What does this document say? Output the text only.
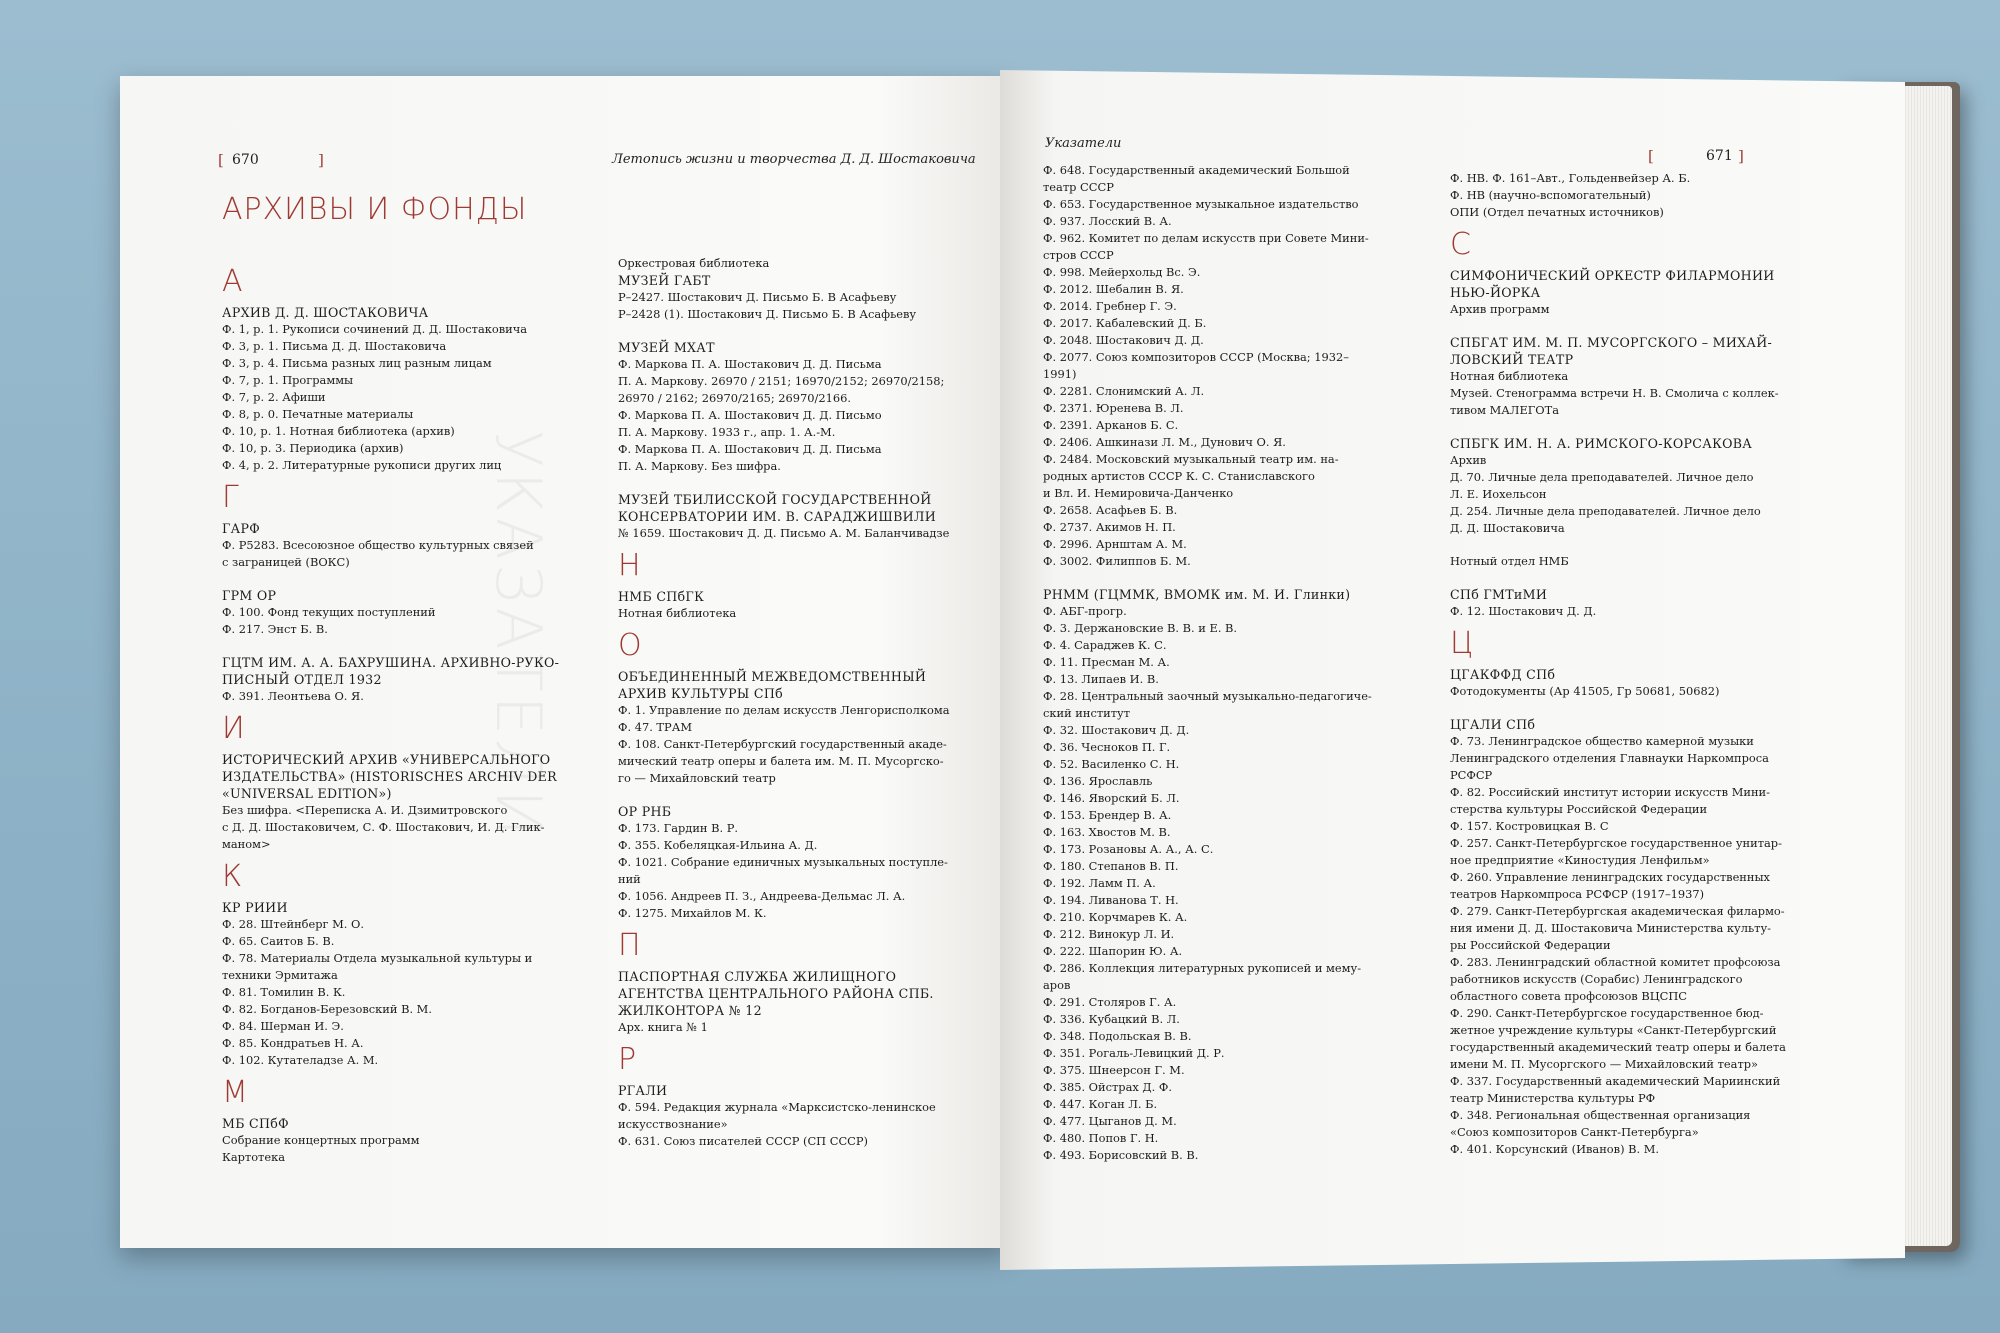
[ 670	]	Летопись жизни и творчества Д. Д. Шостаковича
АРХИВЫ И ФОНДЫ
УКАЗАТЕЛИ
А
АРХИВ Д. Д. ШОСТАКОВИЧА
Ф. 1, р. 1. Рукописи сочинений Д. Д. Шостаковича
Ф. 3, р. 1. Письма Д. Д. Шостаковича
Ф. 3, р. 4. Письма разных лиц разным лицам
Ф. 7, р. 1. Программы
Ф. 7, р. 2. Афиши
Ф. 8, р. 0. Печатные материалы
Ф. 10, р. 1. Нотная библиотека (архив)
Ф. 10, р. 3. Периодика (архив)
Ф. 4, р. 2. Литературные рукописи других лиц
Г
ГАРФ
Ф. Р5283. Всесоюзное общество культурных связей
с заграницей (ВОКС)
ГРМ ОР
Ф. 100. Фонд текущих поступлений
Ф. 217. Энст Б. В.
ГЦТМ ИМ. А. А. БАХРУШИНА. АРХИВНО-РУКО-
ПИСНЫЙ ОТДЕЛ 1932
Ф. 391. Леонтьева О. Я.
И
ИСТОРИЧЕСКИЙ АРХИВ «УНИВЕРСАЛЬНОГО
ИЗДАТЕЛЬСТВА» (HISTORISCHES ARCHIV DER
«UNIVERSAL EDITION»)
Без шифра. <Переписка А. И. Дзимитровского
с Д. Д. Шостаковичем, С. Ф. Шостакович, И. Д. Глик-
маном>
К
КР РИИИ
Ф. 28. Штейнберг М. О.
Ф. 65. Саитов Б. В.
Ф. 78. Материалы Отдела музыкальной культуры и
техники Эрмитажа
Ф. 81. Томилин В. К.
Ф. 82. Богданов-Березовский В. М.
Ф. 84. Шерман И. Э.
Ф. 85. Кондратьев Н. А.
Ф. 102. Кутателадзе А. М.
М
МБ СПбФ
Собрание концертных программ
Картотека
Оркестровая библиотека
МУЗЕЙ ГАБТ
Р–2427. Шостакович Д. Письмо Б. В Асафьеву
Р–2428 (1). Шостакович Д. Письмо Б. В Асафьеву
МУЗЕЙ МХАТ
Ф. Маркова П. А. Шостакович Д. Д. Письма
П. А. Маркову. 26970 / 2151; 16970/2152; 26970/2158;
26970 / 2162; 26970/2165; 26970/2166.
Ф. Маркова П. А. Шостакович Д. Д. Письмо
П. А. Маркову. 1933 г., апр. 1. А.-М.
Ф. Маркова П. А. Шостакович Д. Д. Письма
П. А. Маркову. Без шифра.
МУЗЕЙ ТБИЛИССКОЙ ГОСУДАРСТВЕННОЙ
КОНСЕРВАТОРИИ ИМ. В. САРАДЖИШВИЛИ
№ 1659. Шостакович Д. Д. Письмо А. М. Баланчивадзе
Н
НМБ СПбГК
Нотная библиотека
О
ОБЪЕДИНЕННЫЙ МЕЖВЕДОМСТВЕННЫЙ
АРХИВ КУЛЬТУРЫ СПб
Ф. 1. Управление по делам искусств Ленгорисполкома
Ф. 47. ТРАМ
Ф. 108. Санкт-Петербургский государственный акаде-
мический театр оперы и балета им. М. П. Мусоргско-
го — Михайловский театр
ОР РНБ
Ф. 173. Гардин В. Р.
Ф. 355. Кобеляцкая-Ильина А. Д.
Ф. 1021. Собрание единичных музыкальных поступле-
ний
Ф. 1056. Андреев П. З., Андреева-Дельмас Л. А.
Ф. 1275. Михайлов М. К.
П
ПАСПОРТНАЯ СЛУЖБА ЖИЛИЩНОГО
АГЕНТСТВА ЦЕНТРАЛЬНОГО РАЙОНА СПБ.
ЖИЛКОНТОРА № 12
Арх. книга № 1
Р
РГАЛИ
Ф. 594. Редакция журнала «Марксистско-ленинское
искусствознание»
Ф. 631. Союз писателей СССР (СП СССР)
Указатели
[	671 ]
Ф. 648. Государственный академический Большой
театр СССР
Ф. 653. Государственное музыкальное издательство
Ф. 937. Лосский В. А.
Ф. 962. Комитет по делам искусств при Совете Мини-
стров СССР
Ф. 998. Мейерхольд Вс. Э.
Ф. 2012. Шебалин В. Я.
Ф. 2014. Гребнер Г. Э.
Ф. 2017. Кабалевский Д. Б.
Ф. 2048. Шостакович Д. Д.
Ф. 2077. Союз композиторов СССР (Москва; 1932–
1991)
Ф. 2281. Слонимский А. Л.
Ф. 2371. Юренева В. Л.
Ф. 2391. Арканов Б. С.
Ф. 2406. Ашкинази Л. М., Дунович О. Я.
Ф. 2484. Московский музыкальный театр им. на-
родных артистов СССР К. С. Станиславского
и Вл. И. Немировича-Данченко
Ф. 2658. Асафьев Б. В.
Ф. 2737. Акимов Н. П.
Ф. 2996. Арнштам А. М.
Ф. 3002. Филиппов Б. М.
РНММ (ГЦММК, ВМОМК им. М. И. Глинки)
Ф. АБГ-прогр.
Ф. 3. Держановские В. В. и Е. В.
Ф. 4. Сараджев К. С.
Ф. 11. Пресман М. А.
Ф. 13. Липаев И. В.
Ф. 28. Центральный заочный музыкально-педагогиче-
ский институт
Ф. 32. Шостакович Д. Д.
Ф. 36. Чесноков П. Г.
Ф. 52. Василенко С. Н.
Ф. 136. Ярославль
Ф. 146. Яворский Б. Л.
Ф. 153. Брендер В. А.
Ф. 163. Хвостов М. В.
Ф. 173. Розановы А. А., А. С.
Ф. 180. Степанов В. П.
Ф. 192. Ламм П. А.
Ф. 194. Ливанова Т. Н.
Ф. 210. Корчмарев К. А.
Ф. 212. Винокур Л. И.
Ф. 222. Шапорин Ю. А.
Ф. 286. Коллекция литературных рукописей и мему-
аров
Ф. 291. Столяров Г. А.
Ф. 336. Кубацкий В. Л.
Ф. 348. Подольская В. В.
Ф. 351. Рогаль-Левицкий Д. Р.
Ф. 375. Шнеерсон Г. М.
Ф. 385. Ойстрах Д. Ф.
Ф. 447. Коган Л. Б.
Ф. 477. Цыганов Д. М.
Ф. 480. Попов Г. Н.
Ф. 493. Борисовский В. В.
Ф. НВ. Ф. 161–Авт., Гольденвейзер А. Б.
Ф. НВ (научно-вспомогательный)
ОПИ (Отдел печатных источников)
С
СИМФОНИЧЕСКИЙ ОРКЕСТР ФИЛАРМОНИИ
НЬЮ-ЙОРКА
Архив программ
СПБГАТ ИМ. М. П. МУСОРГСКОГО – МИХАЙ-
ЛОВСКИЙ ТЕАТР
Нотная библиотека
Музей. Стенограмма встречи Н. В. Смолича с коллек-
тивом МАЛЕГОТа
СПБГК ИМ. Н. А. РИМСКОГО-КОРСАКОВА
Архив
Д. 70. Личные дела преподавателей. Личное дело
Л. Е. Иохельсон
Д. 254. Личные дела преподавателей. Личное дело
Д. Д. Шостаковича
Нотный отдел НМБ
СПб ГМТиМИ
Ф. 12. Шостакович Д. Д.
Ц
ЦГАКФФД СПб
Фотодокументы (Ар 41505, Гр 50681, 50682)
ЦГАЛИ СПб
Ф. 73. Ленинградское общество камерной музыки
Ленинградского отделения Главнауки Наркомпроса
РСФСР
Ф. 82. Российский институт истории искусств Мини-
стерства культуры Российской Федерации
Ф. 157. Костровицкая В. С
Ф. 257. Санкт-Петербургское государственное унитар-
ное предприятие «Киностудия Ленфильм»
Ф. 260. Управление ленинградских государственных
театров Наркомпроса РСФСР (1917–1937)
Ф. 279. Санкт-Петербургская академическая филармо-
ния имени Д. Д. Шостаковича Министерства культу-
ры Российской Федерации
Ф. 283. Ленинградский областной комитет профсоюза
работников искусств (Сорабис) Ленинградского
областного совета профсоюзов ВЦСПС
Ф. 290. Санкт-Петербургское государственное бюд-
жетное учреждение культуры «Санкт-Петербургский
государственный академический театр оперы и балета
имени М. П. Мусоргского — Михайловский театр»
Ф. 337. Государственный академический Мариинский
театр Министерства культуры РФ
Ф. 348. Региональная общественная организация
«Союз композиторов Санкт-Петербурга»
Ф. 401. Корсунский (Иванов) В. М.
